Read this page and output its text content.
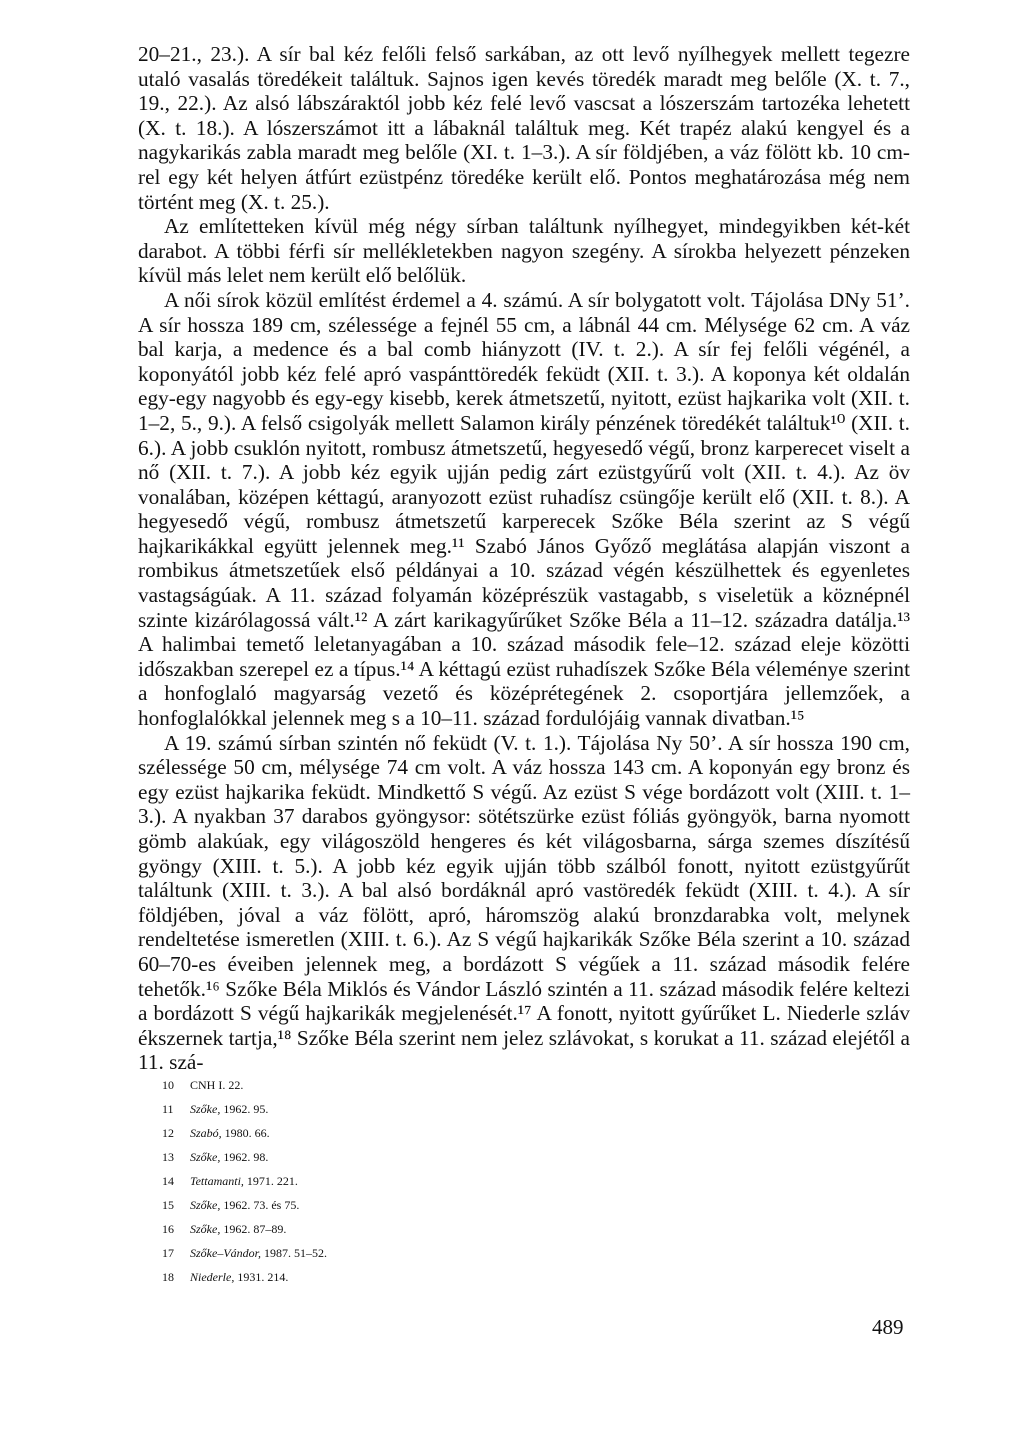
20–21., 23.). A sír bal kéz felőli felső sarkában, az ott levő nyílhegyek mellett tegezre utaló vasalás töredékeit találtuk. Sajnos igen kevés töredék maradt meg belőle (X. t. 7., 19., 22.). Az alsó lábszáraktól jobb kéz felé levő vascsat a lószerszám tartozéka lehetett (X. t. 18.). A lószerszámot itt a lábaknál találtuk meg. Két trapéz alakú kengyel és a nagykarikás zabla maradt meg belőle (XI. t. 1–3.). A sír földjében, a váz fölött kb. 10 cm-rel egy két helyen átfúrt ezüstpénz töredéke került elő. Pontos meghatározása még nem történt meg (X. t. 25.).

Az említetteken kívül még négy sírban találtunk nyílhegyet, mindegyikben két-két darabot. A többi férfi sír mellékletekben nagyon szegény. A sírokba helyezett pénzeken kívül más lelet nem került elő belőlük.

A női sírok közül említést érdemel a 4. számú. A sír bolygatott volt. Tájolása DNy 51’. A sír hossza 189 cm, szélessége a fejnél 55 cm, a lábnál 44 cm. Mélysége 62 cm. A váz bal karja, a medence és a bal comb hiányzott (IV. t. 2.). A sír fej felőli végénél, a koponyától jobb kéz felé apró vaspánttöredék feküdt (XII. t. 3.). A koponya két oldalán egy-egy nagyobb és egy-egy kisebb, kerek átmetszetű, nyitott, ezüst hajkarika volt (XII. t. 1–2, 5., 9.). A felső csigolyák mellett Salamon király pénzének töredékét találtuk¹⁰ (XII. t. 6.). A jobb csuklón nyitott, rombusz átmetszetű, hegyesedő végű, bronz karperecet viselt a nő (XII. t. 7.). A jobb kéz egyik ujján pedig zárt ezüstgyűrű volt (XII. t. 4.). Az öv vonalában, középen kéttagú, aranyozott ezüst ruhadísz csüngője került elő (XII. t. 8.). A hegyesedő végű, rombusz átmetszetű karperecek Szőke Béla szerint az S végű hajkarikákkal együtt jelennek meg.¹¹ Szabó János Győző meglátása alapján viszont a rombikus átmetszetűek első példányai a 10. század végén készülhettek és egyenletes vastagságúak. A 11. század folyamán középrészük vastagabb, s viseletük a köznépnél szinte kizárólagossá vált.¹² A zárt karikagyűrűket Szőke Béla a 11–12. századra datálja.¹³ A halimbai temető leletanyagában a 10. század második fele–12. század eleje közötti időszakban szerepel ez a típus.¹⁴ A kéttagú ezüst ruhadíszek Szőke Béla véleménye szerint a honfoglaló magyarság vezető és középrétegének 2. csoportjára jellemzőek, a honfoglalókkal jelennek meg s a 10–11. század fordulójáig vannak divatban.¹⁵

A 19. számú sírban szintén nő feküdt (V. t. 1.). Tájolása Ny 50’. A sír hossza 190 cm, szélessége 50 cm, mélysége 74 cm volt. A váz hossza 143 cm. A koponyán egy bronz és egy ezüst hajkarika feküdt. Mindkettő S végű. Az ezüst S vége bordázott volt (XIII. t. 1–3.). A nyakban 37 darabos gyöngysor: sötétszürke ezüst fóliás gyöngyök, barna nyomott gömb alakúak, egy világoszöld hengeres és két világosbarna, sárga szemes díszítésű gyöngy (XIII. t. 5.). A jobb kéz egyik ujján több szálból fonott, nyitott ezüstgyűrűt találtunk (XIII. t. 3.). A bal alsó bordáknál apró vastöredék feküdt (XIII. t. 4.). A sír földjében, jóval a váz fölött, apró, háromszög alakú bronzdarabka volt, melynek rendeltetése ismeretlen (XIII. t. 6.). Az S végű hajkarikák Szőke Béla szerint a 10. század 60–70-es éveiben jelennek meg, a bordázott S végűek a 11. század második felére tehetők.¹⁶ Szőke Béla Miklós és Vándor László szintén a 11. század második felére keltezi a bordázott S végű hajkarikák megjelenését.¹⁷ A fonott, nyitott gyűrűket L. Niederle szláv ékszernek tartja,¹⁸ Szőke Béla szerint nem jelez szlávokat, s korukat a 11. század elejétől a 11. szá-

10 CNH I. 22.
11 Szőke, 1962. 95.
12 Szabó, 1980. 66.
13 Szőke, 1962. 98.
14 Tettamanti, 1971. 221.
15 Szőke, 1962. 73. és 75.
16 Szőke, 1962. 87–89.
17 Szőke–Vándor, 1987. 51–52.
18 Niederle, 1931. 214.
489
